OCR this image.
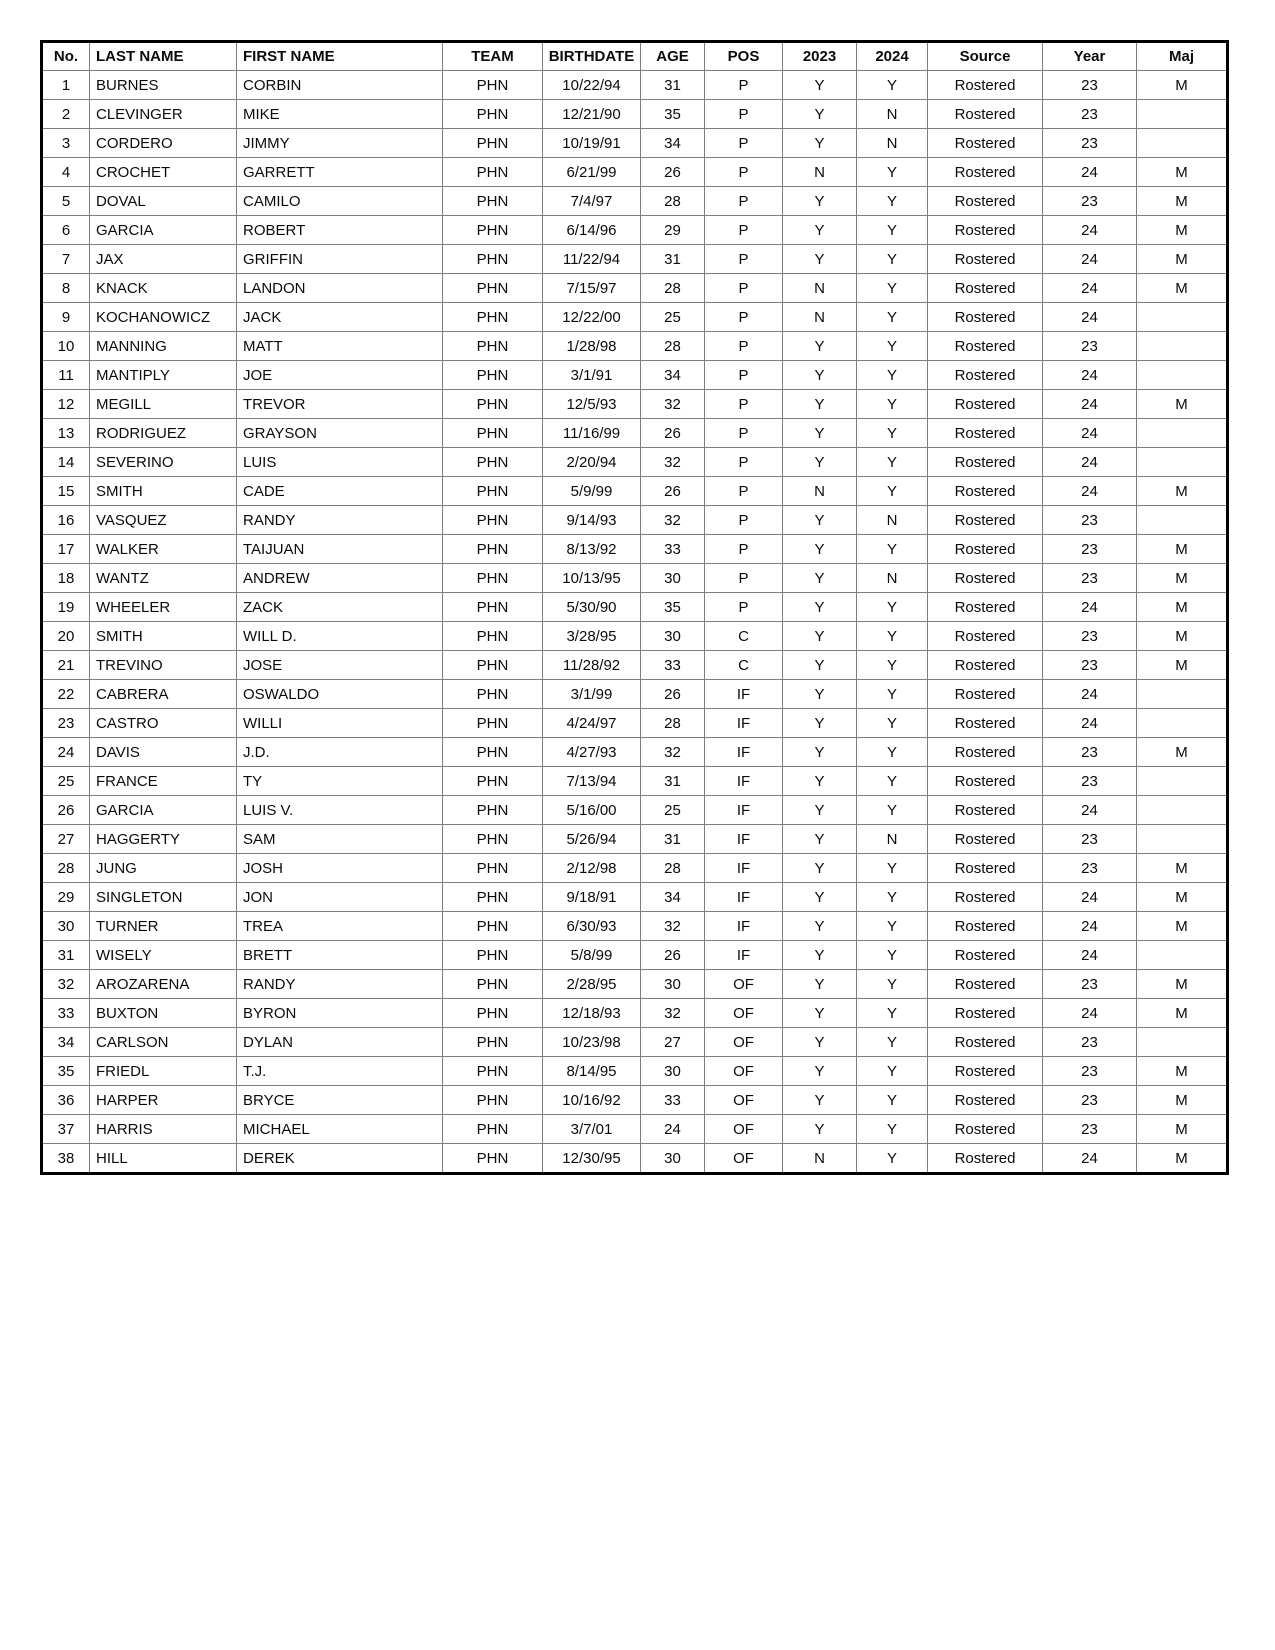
No.	LAST NAME	FIRST NAME	TEAM	BIRTHDATE	AGE	POS	2023	2024	Source	Year	Maj
1	BURNES	CORBIN	PHN	10/22/94	31	P	Y	Y	Rostered	23	M
2	CLEVINGER	MIKE	PHN	12/21/90	35	P	Y	N	Rostered	23	
3	CORDERO	JIMMY	PHN	10/19/91	34	P	Y	N	Rostered	23	
4	CROCHET	GARRETT	PHN	6/21/99	26	P	N	Y	Rostered	24	M
5	DOVAL	CAMILO	PHN	7/4/97	28	P	Y	Y	Rostered	23	M
6	GARCIA	ROBERT	PHN	6/14/96	29	P	Y	Y	Rostered	24	M
7	JAX	GRIFFIN	PHN	11/22/94	31	P	Y	Y	Rostered	24	M
8	KNACK	LANDON	PHN	7/15/97	28	P	N	Y	Rostered	24	M
9	KOCHANOWICZ	JACK	PHN	12/22/00	25	P	N	Y	Rostered	24	
10	MANNING	MATT	PHN	1/28/98	28	P	Y	Y	Rostered	23	
11	MANTIPLY	JOE	PHN	3/1/91	34	P	Y	Y	Rostered	24	
12	MEGILL	TREVOR	PHN	12/5/93	32	P	Y	Y	Rostered	24	M
13	RODRIGUEZ	GRAYSON	PHN	11/16/99	26	P	Y	Y	Rostered	24	
14	SEVERINO	LUIS	PHN	2/20/94	32	P	Y	Y	Rostered	24	
15	SMITH	CADE	PHN	5/9/99	26	P	N	Y	Rostered	24	M
16	VASQUEZ	RANDY	PHN	9/14/93	32	P	Y	N	Rostered	23	
17	WALKER	TAIJUAN	PHN	8/13/92	33	P	Y	Y	Rostered	23	M
18	WANTZ	ANDREW	PHN	10/13/95	30	P	Y	N	Rostered	23	M
19	WHEELER	ZACK	PHN	5/30/90	35	P	Y	Y	Rostered	24	M
20	SMITH	WILL D.	PHN	3/28/95	30	C	Y	Y	Rostered	23	M
21	TREVINO	JOSE	PHN	11/28/92	33	C	Y	Y	Rostered	23	M
22	CABRERA	OSWALDO	PHN	3/1/99	26	IF	Y	Y	Rostered	24	
23	CASTRO	WILLI	PHN	4/24/97	28	IF	Y	Y	Rostered	24	
24	DAVIS	J.D.	PHN	4/27/93	32	IF	Y	Y	Rostered	23	M
25	FRANCE	TY	PHN	7/13/94	31	IF	Y	Y	Rostered	23	
26	GARCIA	LUIS V.	PHN	5/16/00	25	IF	Y	Y	Rostered	24	
27	HAGGERTY	SAM	PHN	5/26/94	31	IF	Y	N	Rostered	23	
28	JUNG	JOSH	PHN	2/12/98	28	IF	Y	Y	Rostered	23	M
29	SINGLETON	JON	PHN	9/18/91	34	IF	Y	Y	Rostered	24	M
30	TURNER	TREA	PHN	6/30/93	32	IF	Y	Y	Rostered	24	M
31	WISELY	BRETT	PHN	5/8/99	26	IF	Y	Y	Rostered	24	
32	AROZARENA	RANDY	PHN	2/28/95	30	OF	Y	Y	Rostered	23	M
33	BUXTON	BYRON	PHN	12/18/93	32	OF	Y	Y	Rostered	24	M
34	CARLSON	DYLAN	PHN	10/23/98	27	OF	Y	Y	Rostered	23	
35	FRIEDL	T.J.	PHN	8/14/95	30	OF	Y	Y	Rostered	23	M
36	HARPER	BRYCE	PHN	10/16/92	33	OF	Y	Y	Rostered	23	M
37	HARRIS	MICHAEL	PHN	3/7/01	24	OF	Y	Y	Rostered	23	M
38	HILL	DEREK	PHN	12/30/95	30	OF	N	Y	Rostered	24	M
